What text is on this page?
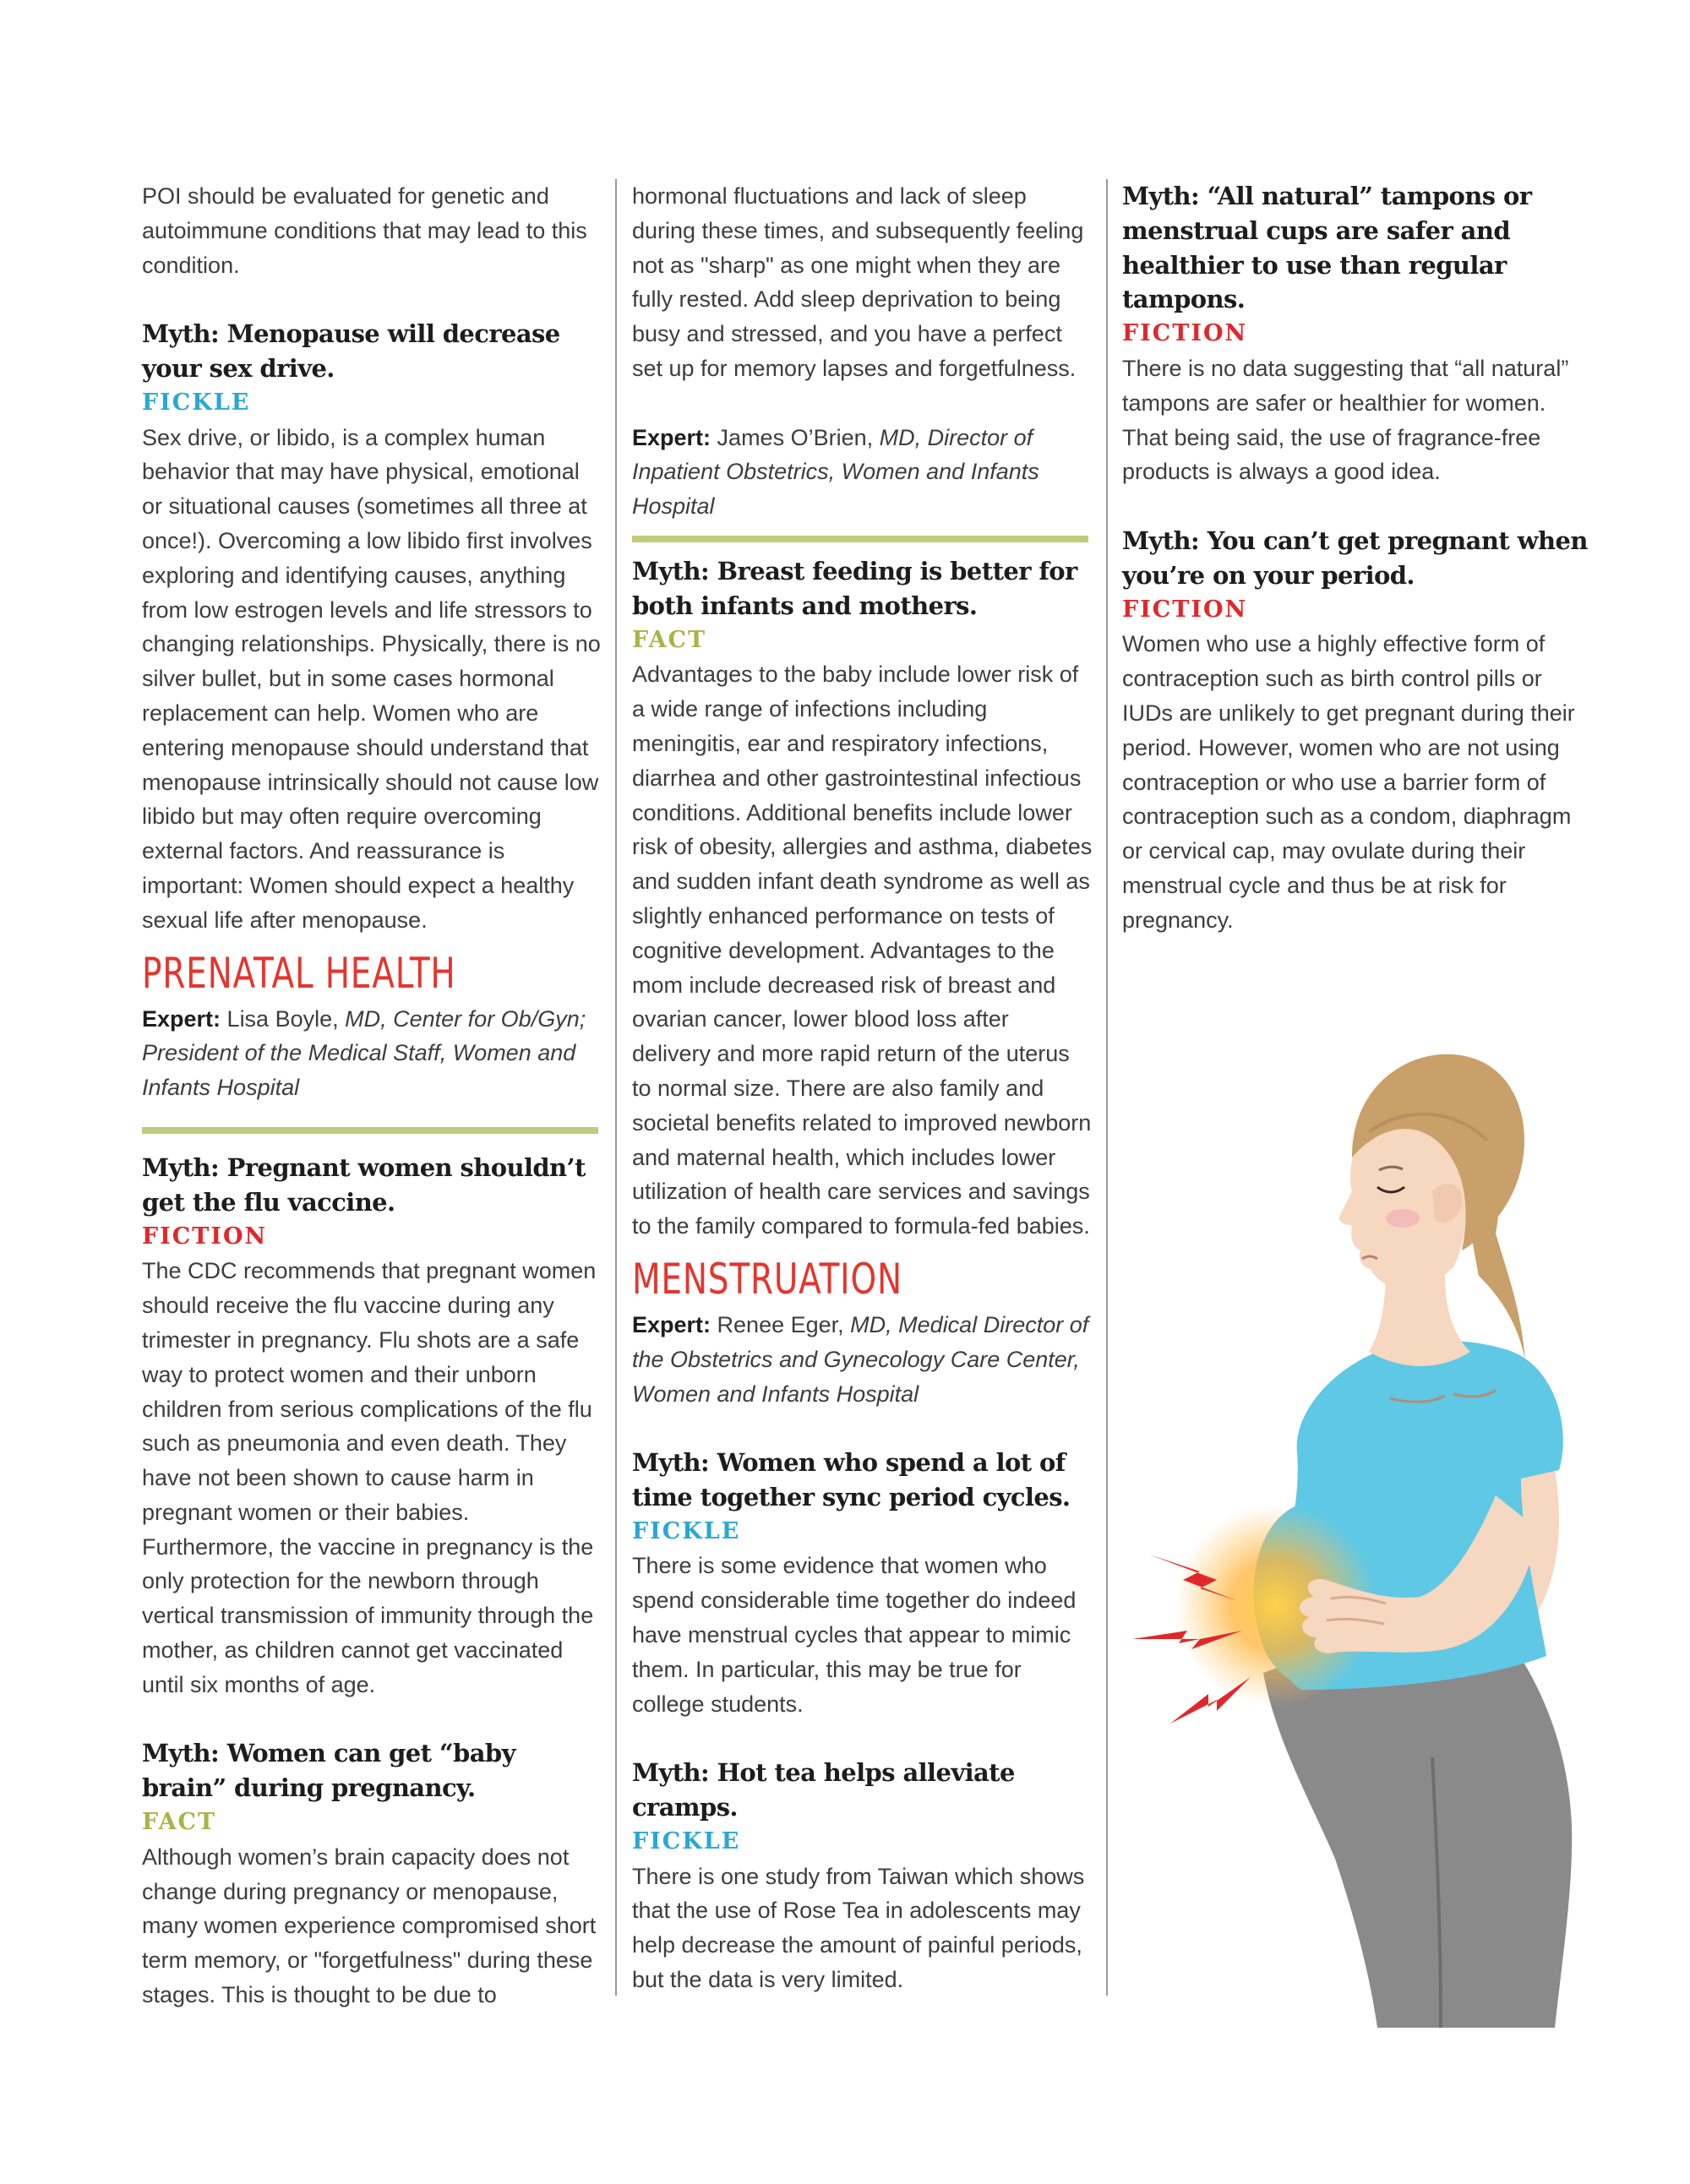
POI should be evaluated for genetic and autoimmune conditions that may lead to this condition.

Myth: Menopause will decrease your sex drive.

FICKLE

Sex drive, or libido, is a complex human behavior that may have physical, emotional or situational causes (sometimes all three at once!). Overcoming a low libido first involves exploring and identifying causes, anything from low estrogen levels and life stressors to changing relationships. Physically, there is no silver bullet, but in some cases hormonal replacement can help. Women who are entering menopause should understand that menopause intrinsically should not cause low libido but may often require overcoming external factors. And reassurance is important: Women should expect a healthy sexual life after menopause.

PRENATAL HEALTH

Expert: Lisa Boyle, MD, Center for Ob/Gyn; President of the Medical Staff, Women and Infants Hospital

Myth: Pregnant women shouldn’t get the flu vaccine.

FICTION

The CDC recommends that pregnant women should receive the flu vaccine during any trimester in pregnancy. Flu shots are a safe way to protect women and their unborn children from serious complications of the flu such as pneumonia and even death. They have not been shown to cause harm in pregnant women or their babies. Furthermore, the vaccine in pregnancy is the only protection for the newborn through vertical transmission of immunity through the mother, as children cannot get vaccinated until six months of age.

Myth: Women can get “baby brain” during pregnancy.

FACT

Although women’s brain capacity does not change during pregnancy or menopause, many women experience compromised short term memory, or "forgetfulness" during these stages. This is thought to be due to

hormonal fluctuations and lack of sleep during these times, and subsequently feeling not as "sharp" as one might when they are fully rested. Add sleep deprivation to being busy and stressed, and you have a perfect set up for memory lapses and forgetfulness.

Expert: James O’Brien, MD, Director of Inpatient Obstetrics, Women and Infants Hospital

Myth: Breast feeding is better for both infants and mothers.

FACT

Advantages to the baby include lower risk of a wide range of infections including meningitis, ear and respiratory infections, diarrhea and other gastrointestinal infectious conditions. Additional benefits include lower risk of obesity, allergies and asthma, diabetes and sudden infant death syndrome as well as slightly enhanced performance on tests of cognitive development. Advantages to the mom include decreased risk of breast and ovarian cancer, lower blood loss after delivery and more rapid return of the uterus to normal size. There are also family and societal benefits related to improved newborn and maternal health, which includes lower utilization of health care services and savings to the family compared to formula-fed babies.

MENSTRUATION

Expert: Renee Eger, MD, Medical Director of the Obstetrics and Gynecology Care Center, Women and Infants Hospital

Myth: Women who spend a lot of time together sync period cycles.

FICKLE

There is some evidence that women who spend considerable time together do indeed have menstrual cycles that appear to mimic them. In particular, this may be true for college students.

Myth: Hot tea helps alleviate cramps.

FICKLE

There is one study from Taiwan which shows that the use of Rose Tea in adolescents may help decrease the amount of painful periods, but the data is very limited.

Myth: “All natural” tampons or menstrual cups are safer and healthier to use than regular tampons.

FICTION

There is no data suggesting that “all natural” tampons are safer or healthier for women. That being said, the use of fragrance-free products is always a good idea.

Myth: You can’t get pregnant when you’re on your period.

FICTION

Women who use a highly effective form of contraception such as birth control pills or IUDs are unlikely to get pregnant during their period. However, women who are not using contraception or who use a barrier form of contraception such as a condom, diaphragm or cervical cap, may ovulate during their menstrual cycle and thus be at risk for pregnancy.
